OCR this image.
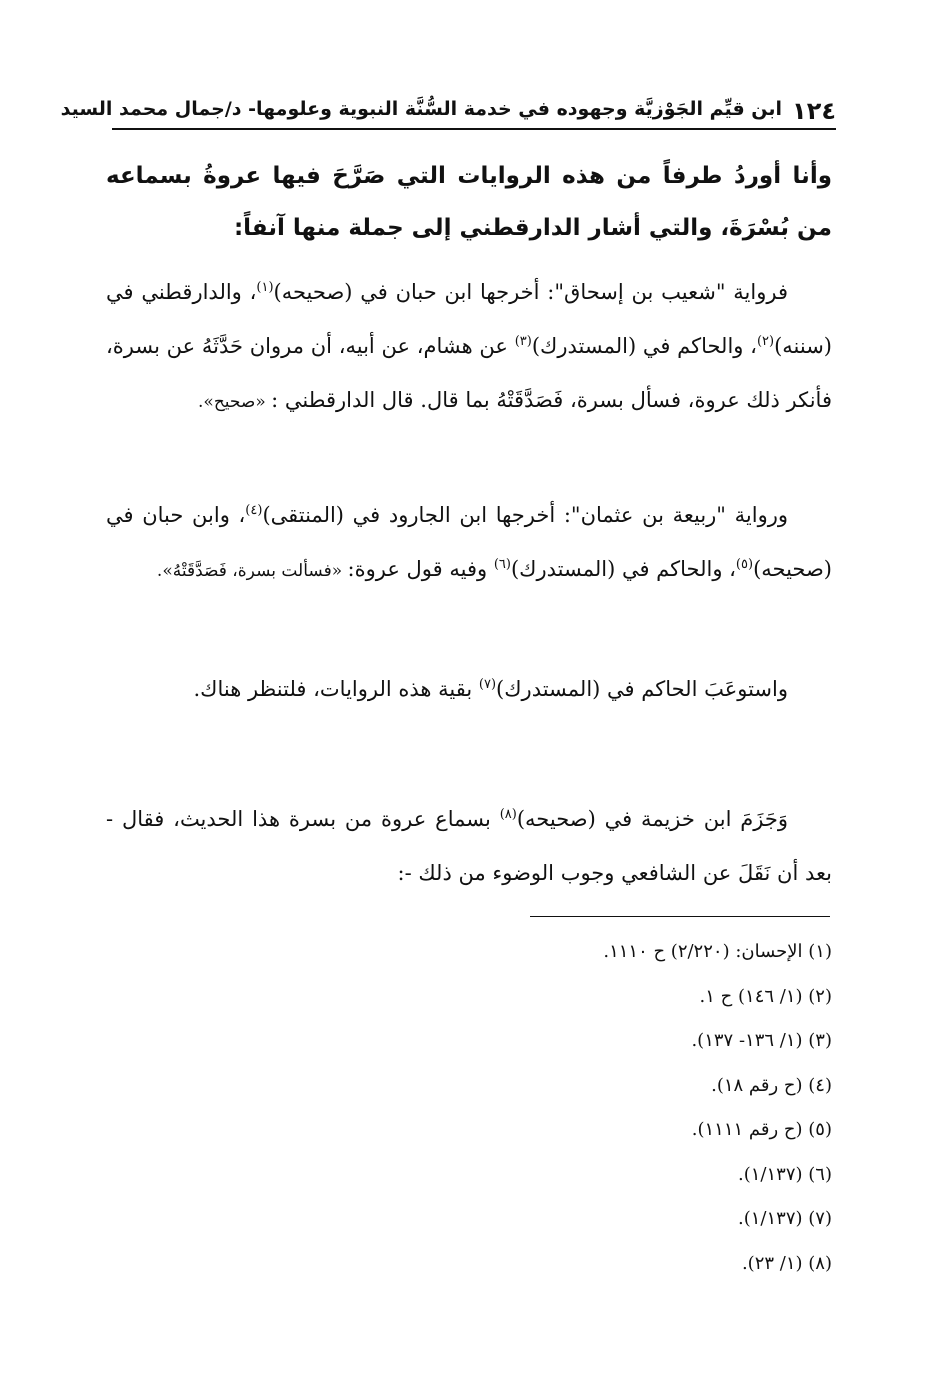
١٢٤
ابن قيِّم الجَوْزيَّة وجهوده في خدمة السُّنَّة النبوية وعلومها- د/جمال محمد السيد
وأنا أوردُ طرفاً من هذه الروايات التي صَرَّحَ فيها عروةُ بسماعه من بُسْرَةَ، والتي أشار الدارقطني إلى جملة منها آنفاً:
فرواية "شعيب بن إسحاق": أخرجها ابن حبان في (صحيحه)$^{(١)}$، والدارقطني في (سننه)$^{(٢)}$، والحاكم في (المستدرك)$^{(٣)}$ عن هشام، عن أبيه، أن مروان حَدَّثَهُ عن بسرة، فأنكر ذلك عروة، فسأل بسرة، فَصَدَّقَتْهُ بما قال. قال الدارقطني : «صحيح».
ورواية "ربيعة بن عثمان": أخرجها ابن الجارود في (المنتقى)$^{(٤)}$، وابن حبان في (صحيحه)$^{(٥)}$، والحاكم في (المستدرك)$^{(٦)}$ وفيه قول عروة: «فسألت بسرة، فَصَدَّقَتْهُ».
واستوعَبَ الحاكم في (المستدرك)$^{(٧)}$ بقية هذه الروايات، فلتنظر هناك.
وَجَزَمَ ابن خزيمة في (صحيحه)$^{(٨)}$ بسماع عروة من بسرة هذا الحديث، فقال - بعد أن نَقَلَ عن الشافعي وجوب الوضوء من ذلك -:
(١) الإحسان: (٢/٢٢٠) ح ١١١٠.
(٢) (١/ ١٤٦) ح ١.
(٣) (١/ ١٣٦- ١٣٧).
(٤) (ح رقم ١٨).
(٥) (ح رقم ١١١١).
(٦) (١/١٣٧).
(٧) (١/١٣٧).
(٨) (١/ ٢٣).
